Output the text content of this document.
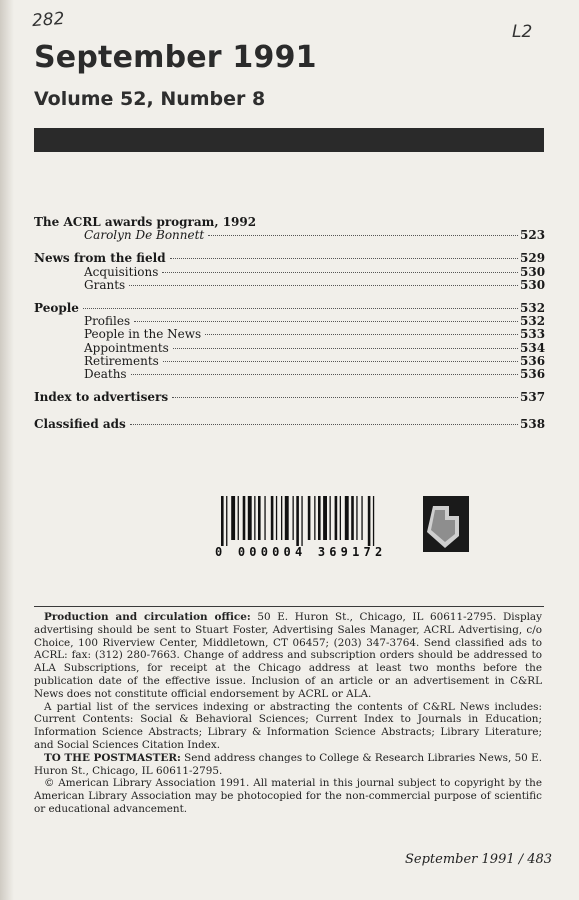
282
L2
September 1991
Volume 52, Number 8
The ACRL awards program, 1992
Carolyn De Bonnett	523
News from the field	529
Acquisitions	530
Grants	530
People	532
Profiles	532
People in the News	533
Appointments	534
Retirements	536
Deaths	536
Index to advertisers	537
Classified ads	538
0 000004 369172

Production and circulation office: 50 E. Huron St., Chicago, IL 60611-2795. Display advertising should be sent to Stuart Foster, Advertising Sales Manager, ACRL Advertising, c/o Choice, 100 Riverview Center, Middletown, CT 06457; (203) 347-3764. Send classified ads to ACRL: fax: (312) 280-7663. Change of address and subscription orders should be addressed to ALA Subscriptions, for receipt at the Chicago address at least two months before the publication date of the effective issue. Inclusion of an article or an advertisement in C&RL News does not constitute official endorsement by ACRL or ALA.

A partial list of the services indexing or abstracting the contents of C&RL News includes: Current Contents: Social & Behavioral Sciences; Current Index to Journals in Education; Information Science Abstracts; Library & Information Science Abstracts; Library Literature; and Social Sciences Citation Index.

TO THE POSTMASTER: Send address changes to College & Research Libraries News, 50 E. Huron St., Chicago, IL 60611-2795.

© American Library Association 1991. All material in this journal subject to copyright by the American Library Association may be photocopied for the non-commercial purpose of scientific or educational advancement.

September 1991 / 483
